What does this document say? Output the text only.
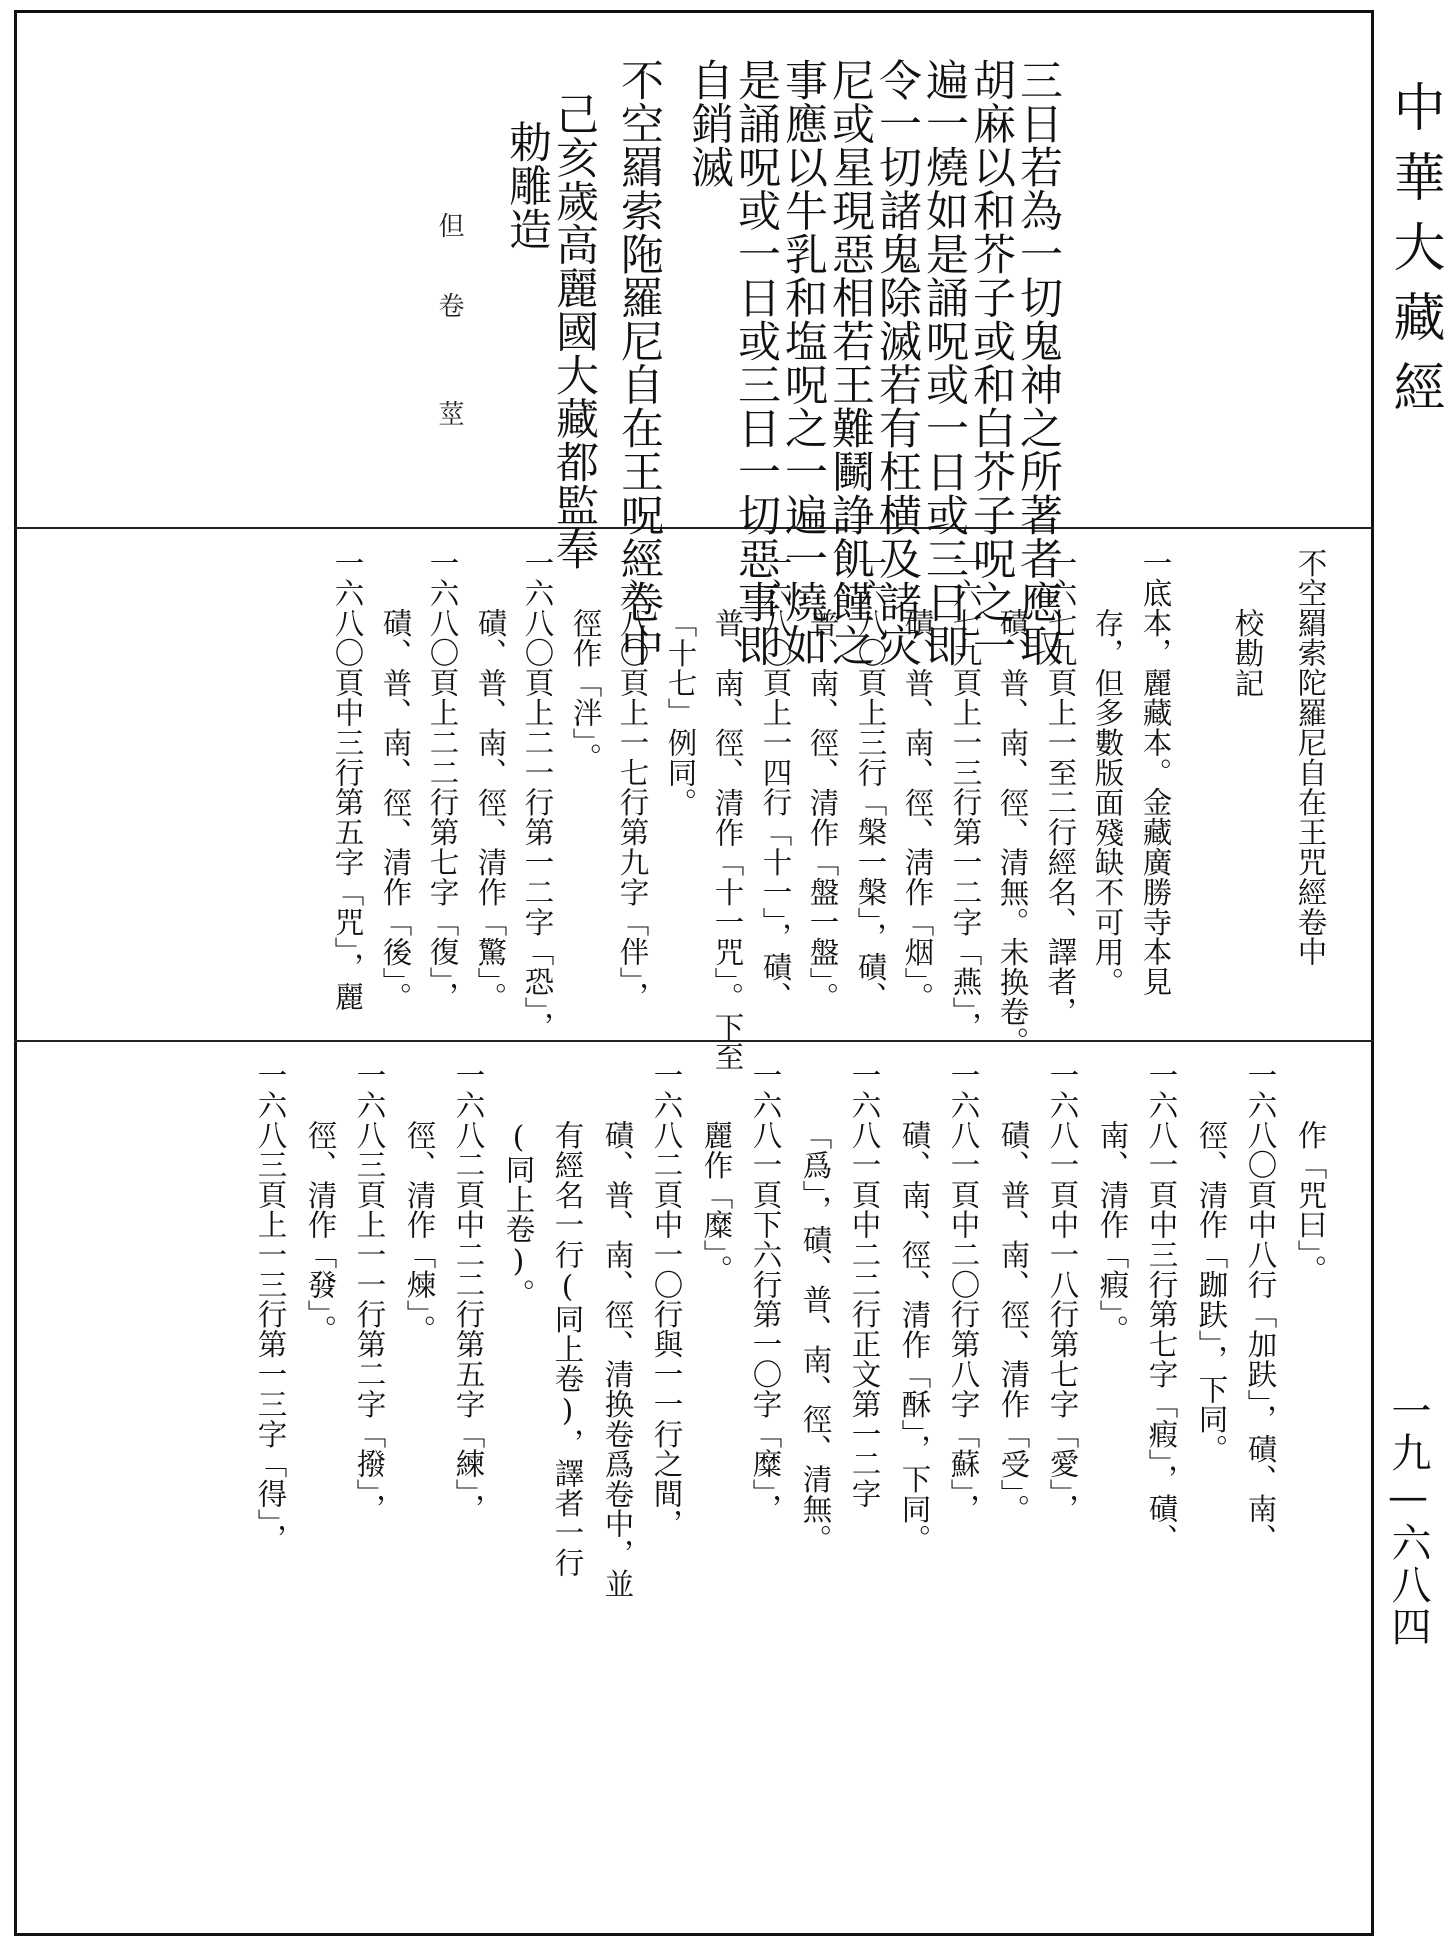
中華大藏經
一九—六八四
三日若為一切鬼神之所著者應取
胡麻以和芥子或和白芥子呪之一
遍一燒如是誦呪或一日或三日即
令一切諸鬼除滅若有枉横及諸灾
尼或星現惡相若王難鬭諍飢饉之
事應以牛乳和塩呪之一遍一燒如
是誦呪或一日或三日一切惡事即
自銷滅
不空羂索陁羅尼自在王呪經卷中
己亥歲高麗國大藏都監奉
勅雕造
但
卷
莖
不空羂索陀羅尼自在王咒經卷中
校勘記
一底本，麗藏本。金藏廣勝寺本見
存，但多數版面殘缺不可用。
一六七九頁上一至二行經名、譯者，
磧、普、南、徑、清無。未换卷。
一六七九頁上一三行第一二字「燕」，
磧、普、南、徑、淸作「烟」。
一六八〇頁上三行「槃一槃」，磧、
普、南、徑、清作「盤一盤」。
一六八〇頁上一四行「十一」，磧、
普、南、徑、清作「十一咒」。下至
「十七」例同。
一六八〇頁上一七行第九字「伴」，
徑作「泮」。
一六八〇頁上二一行第一二字「恐」，
磧、普、南、徑、清作「驚」。
一六八〇頁上二二行第七字「復」，
磧、普、南、徑、清作「後」。
一六八〇頁中三行第五字「咒」，麗
作「咒曰」。
一六八〇頁中八行「加趺」，磧、南、
徑、清作「跏趺」，下同。
一六八一頁中三行第七字「瘕」，磧、
南、清作「瘕」。
一六八一頁中一八行第七字「愛」，
磧、普、南、徑、清作「受」。
一六八一頁中二〇行第八字「蘇」，
磧、南、徑、清作「酥」，下同。
一六八一頁中二二行正文第一二字
「爲」，磧、普、南、徑、清無。
一六八一頁下六行第一〇字「糜」，
麗作「糜」。
一六八二頁中一〇行與一一行之間，
磧、普、南、徑、清换卷爲卷中，並
有經名一行(同上卷)，譯者一行
(同上卷)。
一六八二頁中二二行第五字「練」，
徑、清作「煉」。
一六八三頁上一一行第二字「撥」，
徑、清作「發」。
一六八三頁上一三行第一三字「得」，
